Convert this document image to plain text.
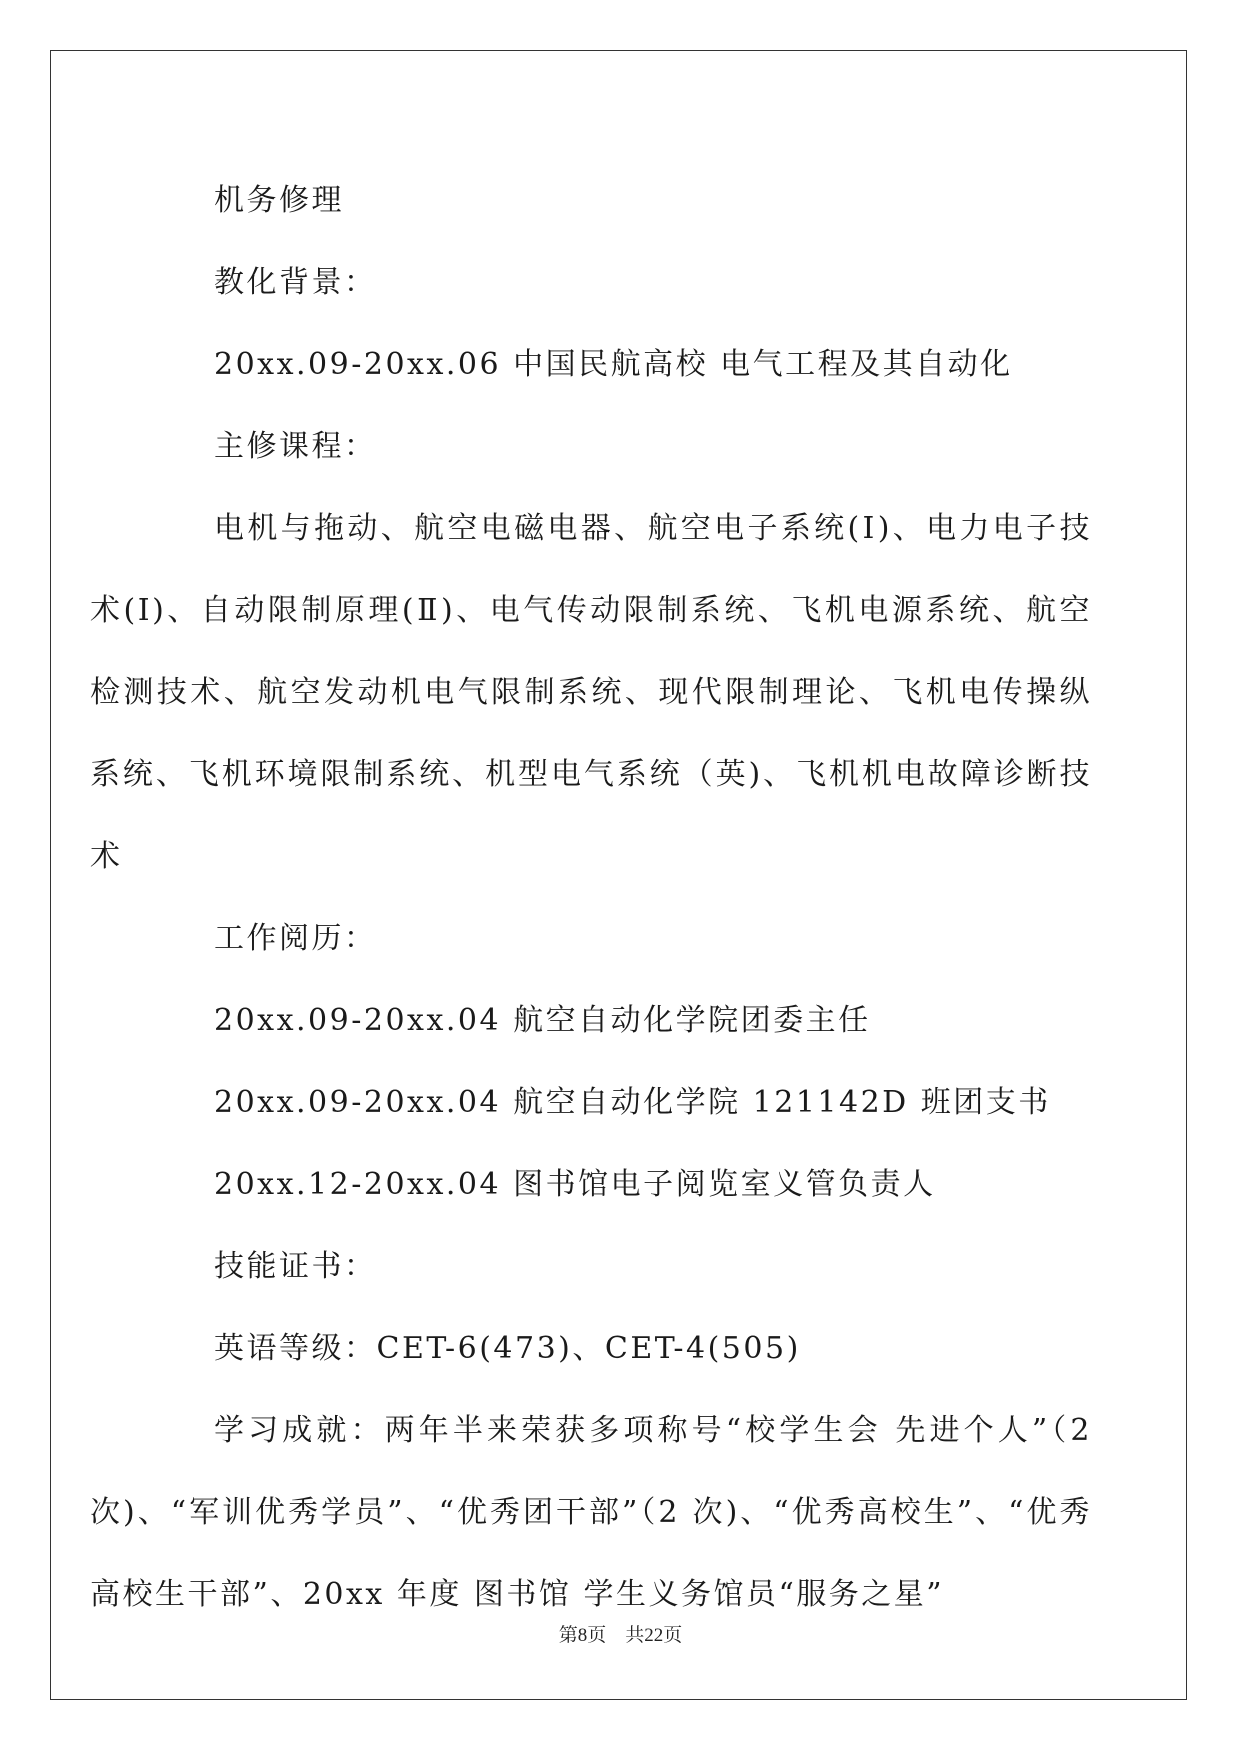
机务修理

教化背景：

20xx.09-20xx.06 中国民航高校 电气工程及其自动化

主修课程：

电机与拖动、航空电磁电器、航空电子系统(Ⅰ)、电力电子技术(I)、自动限制原理(Ⅱ)、电气传动限制系统、飞机电源系统、航空检测技术、航空发动机电气限制系统、现代限制理论、飞机电传操纵系统、飞机环境限制系统、机型电气系统（英)、飞机机电故障诊断技术

工作阅历：

20xx.09-20xx.04 航空自动化学院团委主任

20xx.09-20xx.04 航空自动化学院 121142D 班团支书

20xx.12-20xx.04 图书馆电子阅览室义管负责人

技能证书：

英语等级：CET-6(473)、CET-4(505)

学习成就：两年半来荣获多项称号“校学生会 先进个人”（2 次)、“军训优秀学员”、“优秀团干部”（2 次)、“优秀高校生”、“优秀高校生干部”、20xx 年度 图书馆 学生义务馆员“服务之星”

第8页　共22页
